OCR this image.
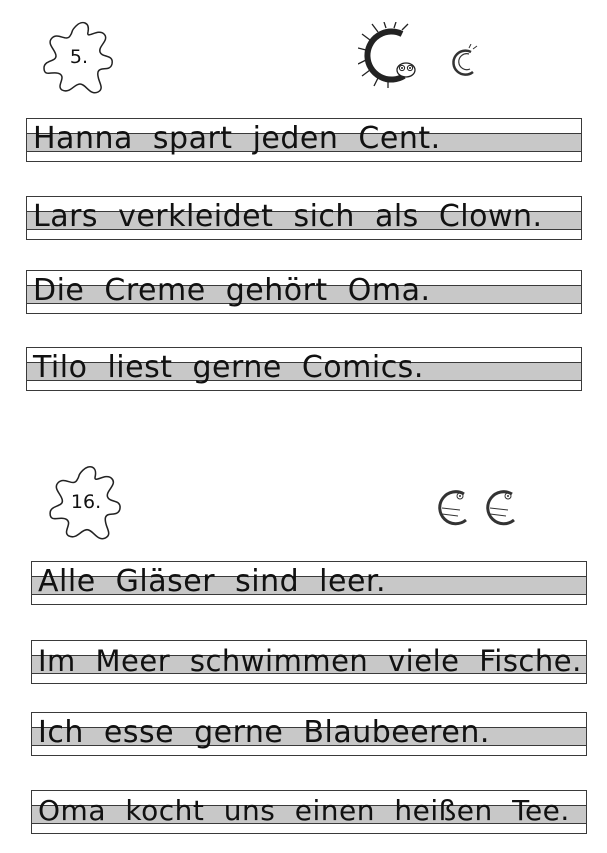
5.
Hanna spart jeden Cent.
Lars verkleidet sich als Clown.
Die Creme gehört Oma.
Tilo liest gerne Comics.
16.
Alle Gläser sind leer.
Im Meer schwimmen viele Fische.
Ich esse gerne Blaubeeren.
Oma kocht uns einen heißen Tee.
